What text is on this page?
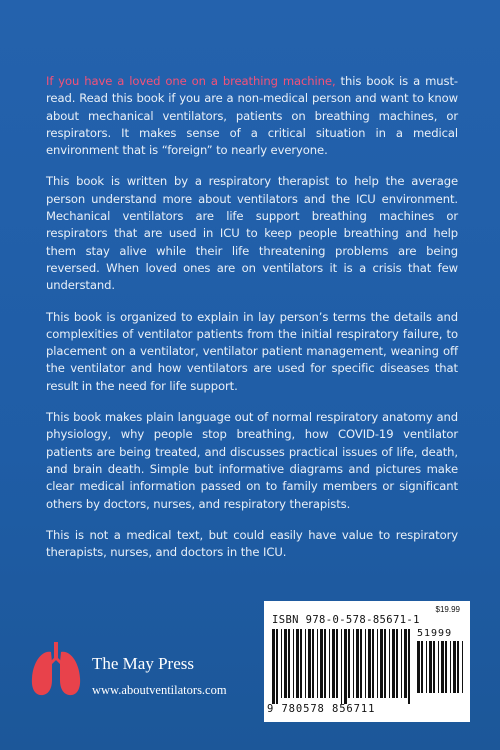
If you have a loved one on a breathing machine, this book is a must-read. Read this book if you are a non-medical person and want to know about mechanical ventilators, patients on breathing machines, or respirators. It makes sense of a critical situation in a medical environment that is “foreign” to nearly everyone.

This book is written by a respiratory therapist to help the average person understand more about ventilators and the ICU environment. Mechanical ventilators are life support breathing machines or respirators that are used in ICU to keep people breathing and help them stay alive while their life threatening problems are being reversed. When loved ones are on ventilators it is a crisis that few understand.

This book is organized to explain in lay person’s terms the details and complexities of ventilator patients from the initial respiratory failure, to placement on a ventilator, ventilator patient management, weaning off the ventilator and how ventilators are used for specific diseases that result in the need for life support.

This book makes plain language out of normal respiratory anatomy and physiology, why people stop breathing, how COVID-19 ventilator patients are being treated, and discusses practical issues of life, death, and brain death. Simple but informative diagrams and pictures make clear medical information passed on to family members or significant others by doctors, nurses, and respiratory therapists.

This is not a medical text, but could easily have value to respiratory therapists, nurses, and doctors in the ICU.

The May Press
www.aboutventilators.com
ISBN 978-0-578-85671-1
$19.99
51999
9 780578 856711
